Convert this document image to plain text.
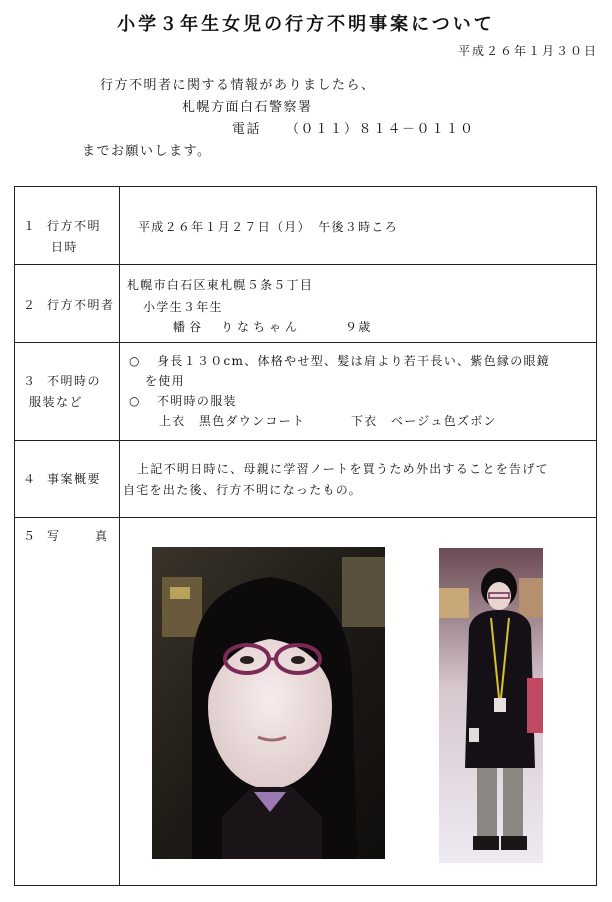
小学３年生女児の行方不明事案について
平成２６年１月３０日
行方不明者に関する情報がありましたら、
札幌方面白石警察署
電話 （０１１）８１４－０１１０
までお願いします。
１ 行方不明
日時
平成２６年１月２７日（月）　午後３時ころ
２ 行方不明者
札幌市白石区東札幌５条５丁目
小学生３年生
幡谷　りなちゃん	９歳
３ 不明時の
服装など
○ 身長１３０cm、体格やせ型、髪は肩より若干長い、紫色縁の眼鏡
を使用
○ 不明時の服装
上衣　黒色ダウンコート	下衣　ベージュ色ズボン
４ 事案概要
上記不明日時に、母親に学習ノートを買うため外出することを告げて
自宅を出た後、行方不明になったもの。
５ 写	真
